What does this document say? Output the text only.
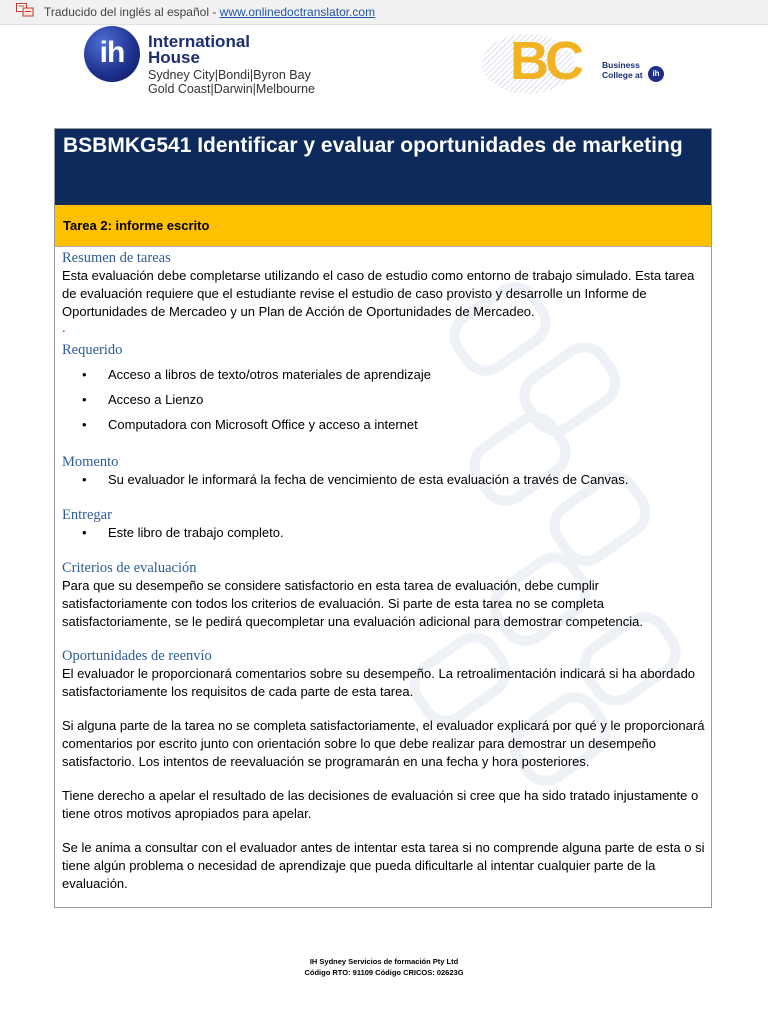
Traducido del inglés al español - www.onlinedoctranslator.com
ih	International
House
Sydney City|Bondi|Byron Bay
Gold Coast|Darwin|Melbourne	BC	Business
College at	ih
BSBMKG541 Identificar y evaluar oportunidades de marketing
Tarea 2: informe escrito
Resumen de tareas

Esta evaluación debe completarse utilizando el caso de estudio como entorno de trabajo simulado. Esta tarea de evaluación requiere que el estudiante revise el estudio de caso provisto y desarrolle un Informe de Oportunidades de Mercadeo y un Plan de Acción de Oportunidades de Mercadeo.

.
Requerido
• Acceso a libros de texto/otros materiales de aprendizaje
• Acceso a Lienzo
• Computadora con Microsoft Office y acceso a internet
Momento
• Su evaluador le informará la fecha de vencimiento de esta evaluación a través de Canvas.
Entregar
• Este libro de trabajo completo.
Criterios de evaluación

Para que su desempeño se considere satisfactorio en esta tarea de evaluación, debe cumplir satisfactoriamente con todos los criterios de evaluación. Si parte de esta tarea no se completa satisfactoriamente, se le pedirá quecompletar una evaluación adicional para demostrar competencia.

Oportunidades de reenvío

El evaluador le proporcionará comentarios sobre su desempeño. La retroalimentación indicará si ha abordado satisfactoriamente los requisitos de cada parte de esta tarea.

Si alguna parte de la tarea no se completa satisfactoriamente, el evaluador explicará por qué y le proporcionará comentarios por escrito junto con orientación sobre lo que debe realizar para demostrar un desempeño satisfactorio. Los intentos de reevaluación se programarán en una fecha y hora posteriores.

Tiene derecho a apelar el resultado de las decisiones de evaluación si cree que ha sido tratado injustamente o tiene otros motivos apropiados para apelar.

Se le anima a consultar con el evaluador antes de intentar esta tarea si no comprende alguna parte de esta o si tiene algún problema o necesidad de aprendizaje que pueda dificultarle al intentar cualquier parte de la evaluación.

IH Sydney Servicios de formación Pty Ltd
Código RTO: 91109 Código CRICOS: 02623G
